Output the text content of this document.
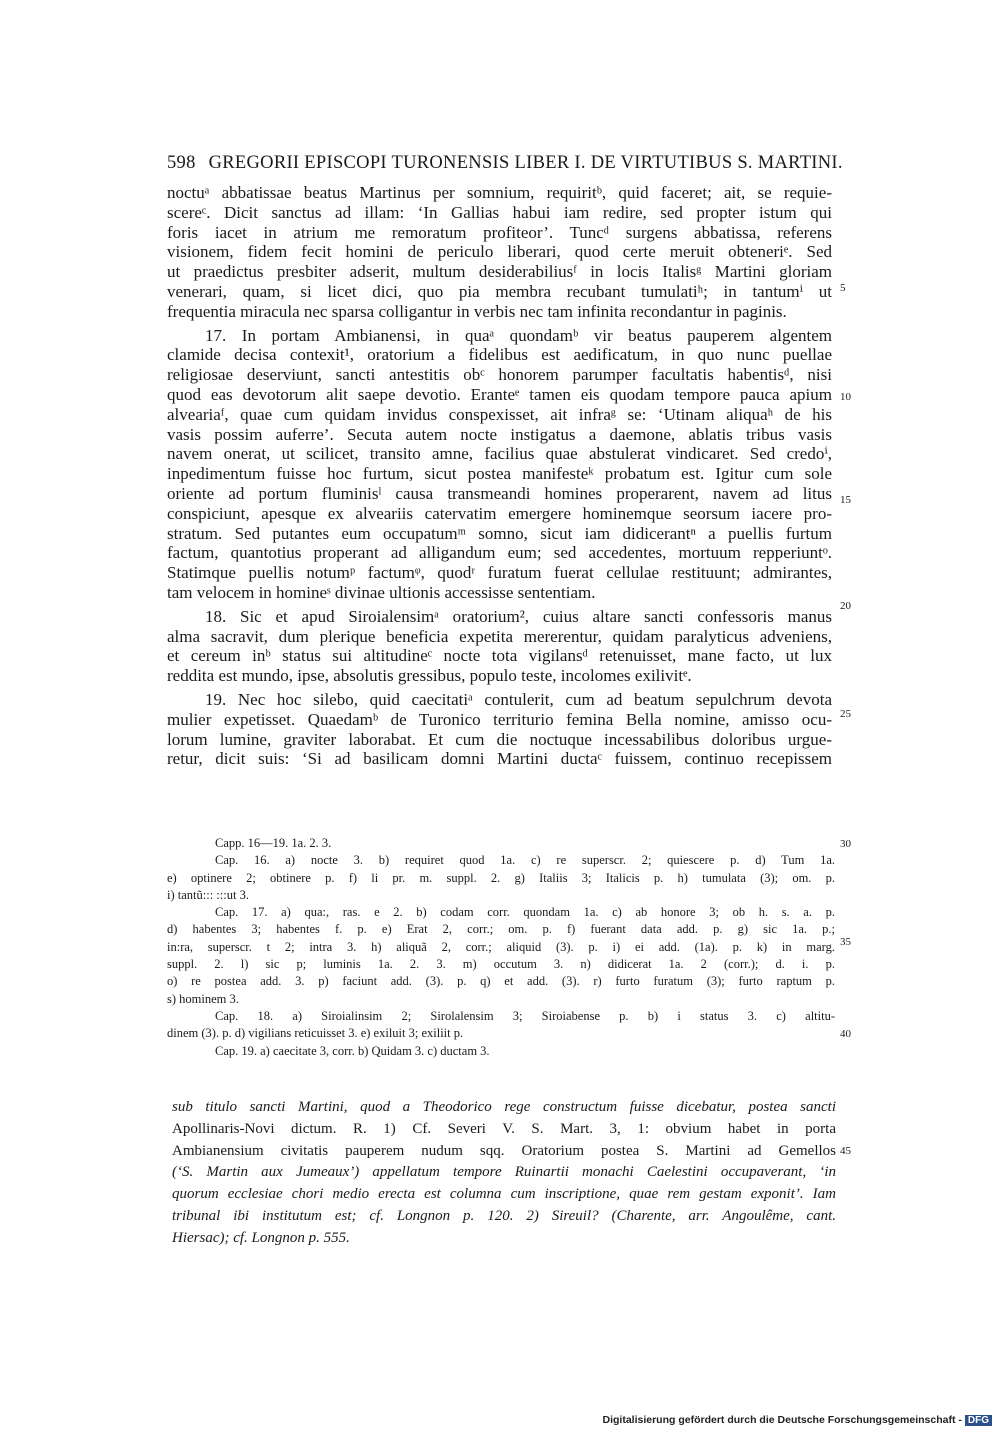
598 GREGORII EPISCOPI TURONENSIS LIBER I. DE VIRTUTIBUS S. MARTINI.
noctuᵃ abbatissae beatus Martinus per somnium, requiritᵇ, quid faceret; ait, se requie-
scereᶜ. Dicit sanctus ad illam: ‘In Gallias habui iam redire, sed propter istum qui
foris iacet in atrium me remoratum profiteor’. Tuncᵈ surgens abbatissa, referens
visionem, fidem fecit homini de periculo liberari, quod certe meruit obteneriᵉ. Sed
ut praedictus presbiter adserit, multum desiderabiliusᶠ in locis Italisᵍ Martini gloriam
venerari, quam, si licet dici, quo pia membra recubant tumulatiʰ; in tantumⁱ ut
frequentia miracula nec sparsa colligantur in verbis nec tam infinita recondantur in paginis.
17. In portam Ambianensi, in quaᵃ quondamᵇ vir beatus pauperem algentem
clamide decisa contexit¹, oratorium a fidelibus est aedificatum, in quo nunc puellae
religiosae deserviunt, sancti antestitis obᶜ honorem parumper facultatis habentisᵈ, nisi
quod eas devotorum alit saepe devotio. Eranteᵉ tamen eis quodam tempore pauca apium
alveariaᶠ, quae cum quidam invidus conspexisset, ait infraᵍ se: ‘Utinam aliquaʰ de his
vasis possim auferre’. Secuta autem nocte instigatus a daemone, ablatis tribus vasis
navem onerat, ut scilicet, transito amne, facilius quae abstulerat vindicaret. Sed credoⁱ,
inpedimentum fuisse hoc furtum, sicut postea manifesteᵏ probatum est. Igitur cum sole
oriente ad portum fluminisˡ causa transmeandi homines properarent, navem ad litus
conspiciunt, apesque ex alveariis catervatim emergere hominemque seorsum iacere pro-
stratum. Sed putantes eum occupatumᵐ somno, sicut iam didicerantⁿ a puellis furtum
factum, quantotius properant ad alligandum eum; sed accedentes, mortuum repperiuntᵒ.
Statimque puellis notumᵖ factumᵠ, quodʳ furatum fuerat cellulae restituunt; admirantes,
tam velocem in homineˢ divinae ultionis accessisse sententiam.
18. Sic et apud Siroialensimᵃ oratorium², cuius altare sancti confessoris manus
alma sacravit, dum plerique beneficia expetita mererentur, quidam paralyticus adveniens,
et cereum inᵇ status sui altitudineᶜ nocte tota vigilansᵈ retenuisset, mane facto, ut lux
reddita est mundo, ipse, absolutis gressibus, populo teste, incolomes exilivitᵉ.
19. Nec hoc silebo, quid caecitatiᵃ contulerit, cum ad beatum sepulchrum devota
mulier expetisset. Quaedamᵇ de Turonico territurio femina Bella nomine, amisso ocu-
lorum lumine, graviter laborabat. Et cum die noctuque incessabilibus doloribus urgue-
retur, dicit suis: ‘Si ad basilicam domni Martini ductaᶜ fuissem, continuo recepissem
5
10
15
20
25
30
35
40
45
Capp. 16—19. 1a. 2. 3.
Cap. 16. a) nocte 3. b) requiret quod 1a. c) re superscr. 2; quiescere p. d) Tum 1a.
e) optinere 2; obtinere p. f) li pr. m. suppl. 2. g) Italiis 3; Italicis p. h) tumulata (3); om. p.
i) tantũ::: :::ut 3.
Cap. 17. a) qua:, ras. e 2. b) codam corr. quondam 1a. c) ab honore 3; ob h. s. a. p.
d) habentes 3; habentes f. p. e) Erat 2, corr.; om. p. f) fuerant data add. p. g) sic 1a. p.;
in:ra, superscr. t 2; intra 3. h) aliquã 2, corr.; aliquid (3). p. i) ei add. (1a). p. k) in marg.
suppl. 2. l) sic p; luminis 1a. 2. 3. m) occutum 3. n) didicerat 1a. 2 (corr.); d. i. p.
o) re postea add. 3. p) faciunt add. (3). p. q) et add. (3). r) furto furatum (3); furto raptum p.
s) hominem 3.
Cap. 18. a) Siroialinsim 2; Sirolalensim 3; Siroiabense p. b) i status 3. c) altitu-
dinem (3). p. d) vigilians reticuisset 3. e) exiluit 3; exiliit p.
Cap. 19. a) caecitate 3, corr. b) Quidam 3. c) ductam 3.
sub titulo sancti Martini, quod a Theodorico rege constructum fuisse dicebatur, postea sancti
Apollinaris-Novi dictum. R. 1) Cf. Severi V. S. Mart. 3, 1: obvium habet in porta
Ambianensium civitatis pauperem nudum sqq. Oratorium postea S. Martini ad Gemellos
(‘S. Martin aux Jumeaux’) appellatum tempore Ruinartii monachi Caelestini occupaverant, ‘in
quorum ecclesiae chori medio erecta est columna cum inscriptione, quae rem gestam exponit’. Iam
tribunal ibi institutum est; cf. Longnon p. 120. 2) Sireuil? (Charente, arr. Angoulême, cant.
Hiersac); cf. Longnon p. 555.
Digitalisierung gefördert durch die Deutsche Forschungsgemeinschaft - DFG
